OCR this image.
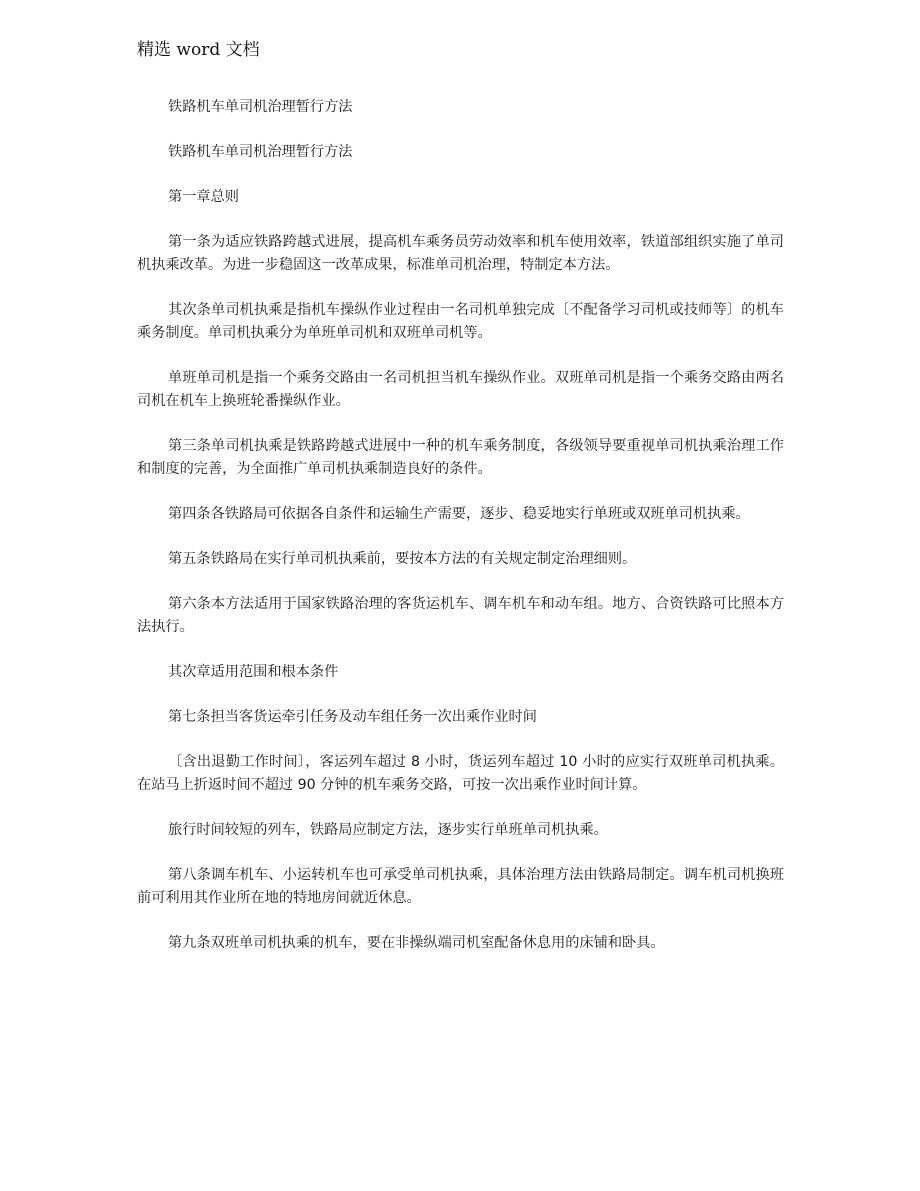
精选 word 文档

铁路机车单司机治理暂行方法

铁路机车单司机治理暂行方法

第一章总则

第一条为适应铁路跨越式进展，提高机车乘务员劳动效率和机车使用效率，铁道部组织实施了单司机执乘改革。为进一步稳固这一改革成果，标准单司机治理，特制定本方法。

其次条单司机执乘是指机车操纵作业过程由一名司机单独完成〔不配备学习司机或技师等〕的机车乘务制度。单司机执乘分为单班单司机和双班单司机等。

单班单司机是指一个乘务交路由一名司机担当机车操纵作业。双班单司机是指一个乘务交路由两名司机在机车上换班轮番操纵作业。

第三条单司机执乘是铁路跨越式进展中一种的机车乘务制度，各级领导要重视单司机执乘治理工作和制度的完善，为全面推广单司机执乘制造良好的条件。

第四条各铁路局可依据各自条件和运输生产需要，逐步、稳妥地实行单班或双班单司机执乘。

第五条铁路局在实行单司机执乘前，要按本方法的有关规定制定治理细则。

第六条本方法适用于国家铁路治理的客货运机车、调车机车和动车组。地方、合资铁路可比照本方法执行。

其次章适用范围和根本条件

第七条担当客货运牵引任务及动车组任务一次出乘作业时间

〔含出退勤工作时间〕，客运列车超过 8 小时，货运列车超过 10 小时的应实行双班单司机执乘。在站马上折返时间不超过 90 分钟的机车乘务交路，可按一次出乘作业时间计算。

旅行时间较短的列车，铁路局应制定方法，逐步实行单班单司机执乘。

第八条调车机车、小运转机车也可承受单司机执乘，具体治理方法由铁路局制定。调车机司机换班前可利用其作业所在地的特地房间就近休息。

第九条双班单司机执乘的机车，要在非操纵端司机室配备休息用的床铺和卧具。
